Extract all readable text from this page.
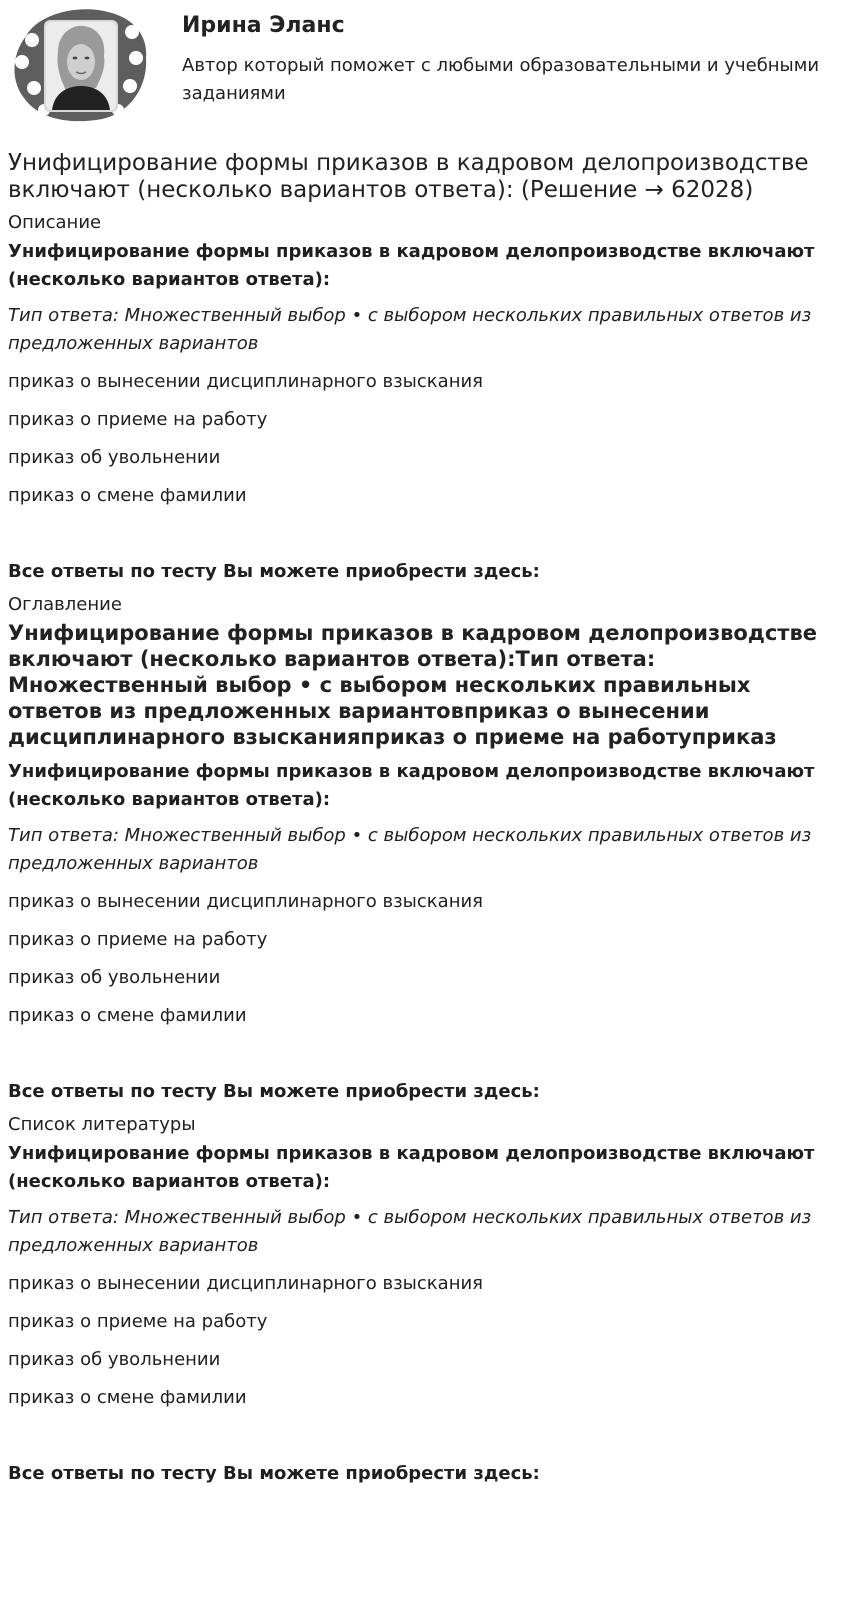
Ирина Эланс

Автор который поможет с любыми образовательными и учебными заданиями

Унифицирование формы приказов в кадровом делопроизводстве включают (несколько вариантов ответа): (Решение → 62028)
Описание
Унифицирование формы приказов в кадровом делопроизводстве включают (несколько вариантов ответа):
Тип ответа: Множественный выбор • с выбором нескольких правильных ответов из предложенных вариантов
приказ о вынесении дисциплинарного взыскания
приказ о приеме на работу
приказ об увольнении
приказ о смене фамилии
Все ответы по тесту Вы можете приобрести здесь:
Оглавление
Унифицирование формы приказов в кадровом делопроизводстве включают (несколько вариантов ответа):Тип ответа: Множественный выбор • с выбором нескольких правильных ответов из предложенных вариантовприказ о вынесении дисциплинарного взысканияприказ о приеме на работуприказ
Унифицирование формы приказов в кадровом делопроизводстве включают (несколько вариантов ответа):
Тип ответа: Множественный выбор • с выбором нескольких правильных ответов из предложенных вариантов
приказ о вынесении дисциплинарного взыскания
приказ о приеме на работу
приказ об увольнении
приказ о смене фамилии
Все ответы по тесту Вы можете приобрести здесь:
Список литературы
Унифицирование формы приказов в кадровом делопроизводстве включают (несколько вариантов ответа):
Тип ответа: Множественный выбор • с выбором нескольких правильных ответов из предложенных вариантов
приказ о вынесении дисциплинарного взыскания
приказ о приеме на работу
приказ об увольнении
приказ о смене фамилии
Все ответы по тесту Вы можете приобрести здесь:
